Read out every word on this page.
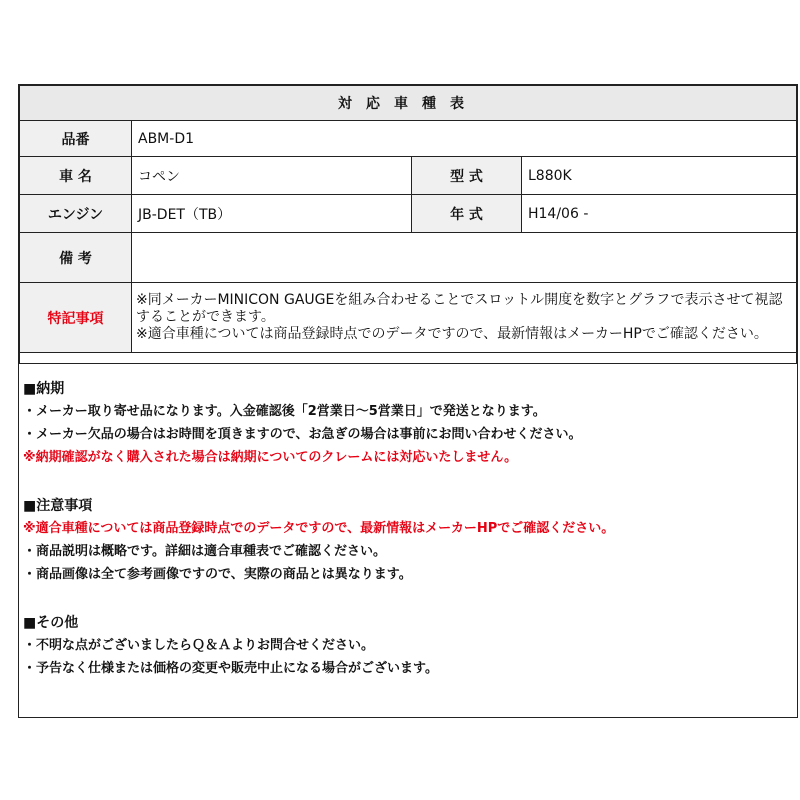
対応車種表			
品番	ABM-D1		
車 名	コペン	型 式	L880K
エンジン	JB-DET（TB）	年 式	H14/06 -
備 考			
特記事項	※同メーカーMINICON GAUGEを組み合わせることでスロットル開度を数字とグラフで表示させて視認することができます。
※適合車種については商品登録時点でのデータですので、最新情報はメーカーHPでご確認ください。		

■納期
・メーカー取り寄せ品になります。入金確認後「2営業日～5営業日」で発送となります。
・メーカー欠品の場合はお時間を頂きますので、お急ぎの場合は事前にお問い合わせください。
※納期確認がなく購入された場合は納期についてのクレームには対応いたしません。
■注意事項
※適合車種については商品登録時点でのデータですので、最新情報はメーカーHPでご確認ください。
・商品説明は概略です。詳細は適合車種表でご確認ください。
・商品画像は全て参考画像ですので、実際の商品とは異なります。
■その他
・不明な点がございましたらＱ＆Ａよりお問合せください。
・予告なく仕様または価格の変更や販売中止になる場合がございます。
